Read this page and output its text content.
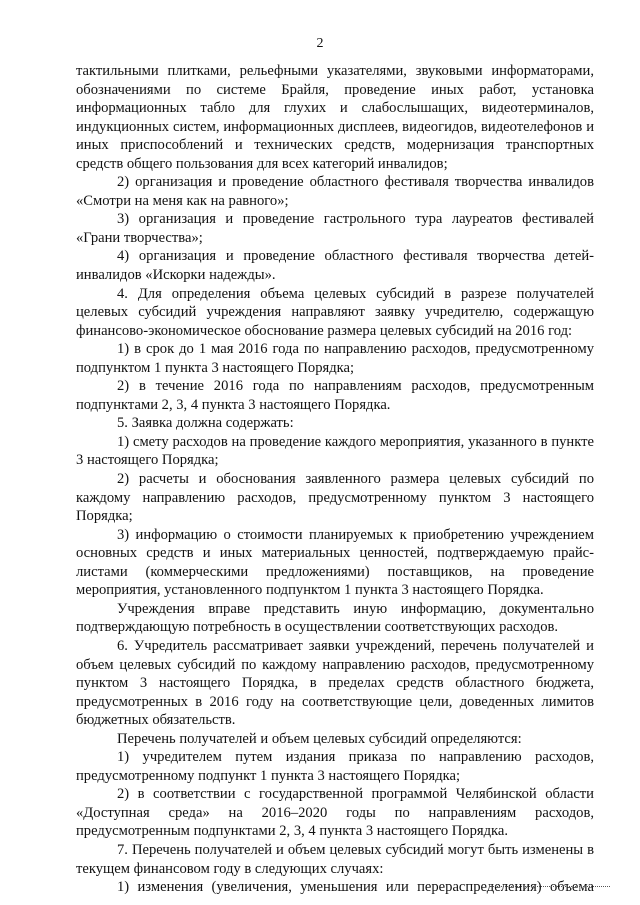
2

тактильными плитками, рельефными указателями, звуковыми информаторами, обозначениями по системе Брайля, проведение иных работ, установка информационных табло для глухих и слабослышащих, видеотерминалов, индукционных систем, информационных дисплеев, видеогидов, видеотелефонов и иных приспособлений и технических средств, модернизация транспортных средств общего пользования для всех категорий инвалидов;

2) организация и проведение областного фестиваля творчества инвалидов «Смотри на меня как на равного»;

3) организация и проведение гастрольного тура лауреатов фестивалей «Грани творчества»;

4) организация и проведение областного фестиваля творчества детей-инвалидов «Искорки надежды».

4. Для определения объема целевых субсидий в разрезе получателей целевых субсидий учреждения направляют заявку учредителю, содержащую финансово-экономическое обоснование размера целевых субсидий на 2016 год:

1) в срок до 1 мая 2016 года по направлению расходов, предусмотренному подпунктом 1 пункта 3 настоящего Порядка;

2) в течение 2016 года по направлениям расходов, предусмотренным подпунктами 2, 3, 4 пункта 3 настоящего Порядка.

5. Заявка должна содержать:

1) смету расходов на проведение каждого мероприятия, указанного в пункте 3 настоящего Порядка;

2) расчеты и обоснования заявленного размера целевых субсидий по каждому направлению расходов, предусмотренному пунктом 3 настоящего Порядка;

3) информацию о стоимости планируемых к приобретению учреждением основных средств и иных материальных ценностей, подтверждаемую прайс-листами (коммерческими предложениями) поставщиков, на проведение мероприятия, установленного подпунктом 1 пункта 3 настоящего Порядка.

Учреждения вправе представить иную информацию, документально подтверждающую потребность в осуществлении соответствующих расходов.

6. Учредитель рассматривает заявки учреждений, перечень получателей и объем целевых субсидий по каждому направлению расходов, предусмотренному пунктом 3 настоящего Порядка, в пределах средств областного бюджета, предусмотренных в 2016 году на соответствующие цели, доведенных лимитов бюджетных обязательств.

Перечень получателей и объем целевых субсидий определяются:

1) учредителем путем издания приказа по направлению расходов, предусмотренному подпункт 1 пункта 3 настоящего Порядка;

2) в соответствии с государственной программой Челябинской области «Доступная среда» на 2016–2020 годы по направлениям расходов, предусмотренным подпунктами 2, 3, 4 пункта 3 настоящего Порядка.

7. Перечень получателей и объем целевых субсидий могут быть изменены в текущем финансовом году в следующих случаях:

1) изменения (увеличения, уменьшения или перераспределения) объема
